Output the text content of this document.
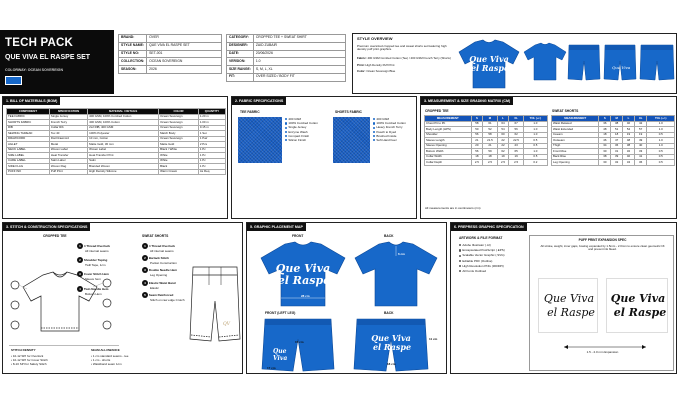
TECH PACK
QUE VIVA EL RASPE SET
COLORWAY: OCEAN SOVEREIGN
BRAND:	OVER
STYLE NAME:	QUE VIVA EL RASPE SET
STYLE NO:	SET-001
COLLECTION:	OCEAN SOVEREIGN
SEASON:	2026
CATEGORY:	CROPPED TEE + SWEAT SHIRT
DESIGNER:	ZAID ZUBAIR
DATE:	20/06/2026
VERSION:	1.0
SIZE RANGE:	S, M, L, XL
FIT:	OVER SIZED / BODY FIT
STYLE OVERVIEW
Premium oversized cropped tee and sweat shorts set featuring high density puff print graphics.
Fabric: 400 GSM Combed Cotton (Tee) / 400 GSM French Terry (Shorts)
Print: High Density Puff Print
Color: Ocean Sovereign Blue
Que Viva
el Raspe	Que Viva
1. BILL OF MATERIALS (BOM)
COMPONENT	SPECIFICATION	MATERIAL / DETAILS	COLOR	QUANTITY
TEE FABRIC	Single Jersey	400 GSM, 100% Combed Cotton	Ocean Sovereign	1.20 m
SHORTS FABRIC	French Terry	400 GSM, 100% Cotton	Ocean Sovereign	1.00 m
RIB	Collar Rib	2x2 RIB, 400 GSM	Ocean Sovereign	0.15 m
SEWING THREAD	Tex 40	100% Polyester	Match Body	1 Set
DRAWCORD	Flat Drawcord	10 mm, Cotton	Ocean Sovereign	1 Pair
AGLET	Metal	Matte Gold, 30 mm	Matte Gold	2 Pcs
NECK LABEL	Woven Label	Woven Label	Black / White	1 Pc
SIZE LABEL	Heat Transfer	Heat Transfer Print	White	1 Pc
CARE LABEL	Satin Label	Satin	White	1 Pc
SIDE FLAG	Woven Flag	Branded Woven	Black	1 Pc
PUFF INK	Puff Print	High Density Silicone	Warm Cream	As Req.
2. FABRIC SPECIFICATIONS
TEE FABRIC
400 GSM
100% Combed Cotton
Single Jersey
Enzyme Wash
Compact Finish
Silicon Finish
SHORTS FABRIC
400 GSM
100% Combed Cotton
Heavy French Terry
Peach to Dyed
Brushed Inside
Soft Hand Feel
3. MEASUREMENT & SIZE GRADING MATRIX (CM)
CROPPED TEE
MEASUREMENT	S	M	L	XL	TOL (+/-)
Chest Pit to Pit	58	61	64	67	1.0
Body Length (HPS)	50	52	54	56	1.0
Shoulder	56	58	60	62	1.0
Sleeve Length	21	21.5	22	22.5	0.5
Sleeve Opening	20	21	22	23	0.5
Bottom Width	56	59	62	65	1.0
Collar Width	18	18	19	19	0.5
Collar Depth	2.5	2.5	2.5	2.5	0.2
SWEAT SHORTS
MEASUREMENT	S	M	L	XL	TOL (+/-)
Waist Relaxed	36	38	40	42	1.0
Waist Extended	48	51	54	57	1.0
Inseam	18	18	19	19	0.5
Outseam	46	47	48	49	1.0
Thigh	34	36	38	40	1.0
Front Rise	30	31	32	33	0.5
Back Rise	38	39	40	41	0.5
Leg Opening	30	32	34	36	0.5
All measurements are in centimeters (cm)
3. STITCH & CONSTRUCTION SPECIFICATIONS
CROPPED TEE
1 4 Thread Overlock
All internal seams
2 Shoulder Taping
Twill Tape, 1cm
3 Cover Stitch Hem
Sleeve hem
4 Twin Needle Hem
Bottom Hem
SWEAT SHORTS
1 4 Thread Overlock
All internal seams
2 Bartack Stitch
Pocket Construction
3 Double Needle Hem
Leg Opening
4 Elastic Waist Band
Elastic
5 Seam Reinforced
Stitch on raw edge Crotch
QV
STITCH DENSITY
• 10-12 SPI for Overlock
• 10-12 SPI for Cover Stitch
• 8-10 SPI for Safety Stitch
SEAM ALLOWANCE
• 1 cm standard seams - tee
• 1 cm - shorts
• Waistband seam 1cm
5. GRAPHIC PLACEMENT MAP
FRONT	BACK
Que Viva
el Raspe
28 cm
6 cm
FRONT (LEFT LEG)	BACK
Que
Viva
15 cm
17 cm
Que Viva
el Raspe
11 cm
18 cm
6. PREPRESS GRAPHIC SPECIFICATION
ARTWORK & FILE FORMAT
Adobe Illustrator (.AI)
Encapsulated PostScript (.EPS)
Scalable Vector Graphic (.SVG)
Editable PDF (Outline)
High Resolution PNG (300DPI)
All Fonts Outlined
PUFF PRINT EXPANSION SPEC
All stroke, weight, inner gaps, bowing expanded by 1.5mm - 2.0mm to ensure clean geometric lift and prevent ink bleed.
Que Viva
el Raspe
Que Viva
el Raspe
1.5 - 2.0 mm Expansion
